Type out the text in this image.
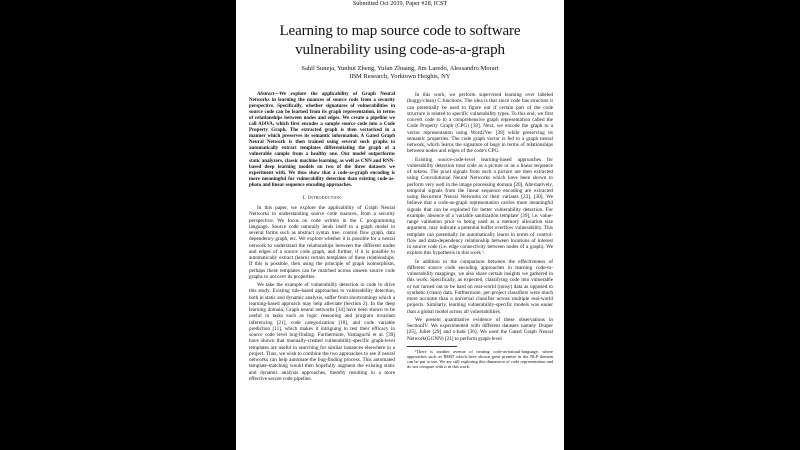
Submitted Oct 2019, Paper #28, ICST
Learning to map source code to software
vulnerability using code-as-a-graph
Sahil Suneja, Yunhui Zheng, Yufan Zhuang, Jim Laredo, Alessandro Morari
IBM Research, Yorktown Heights, NY

Abstract—We explore the applicability of Graph Neural Networks in learning the nuances of source code from a security perspective. Specifically, whether signatures of vulnerabilities in source code can be learned from its graph representation, in terms of relationships between nodes and edges. We create a pipeline we call AI4VA, which first encodes a sample source code into a Code Property Graph. The extracted graph is then vectorized in a manner which preserves its semantic information. A Gated Graph Neural Network is then trained using several such graphs to automatically extract templates differentiating the graph of a vulnerable sample from a healthy one. Our model outperforms static analyzers, classic machine learning, as well as CNN and RNN-based deep learning models on two of the three datasets we experiment with. We thus show that a code-as-graph encoding is more meaningful for vulnerability detection than existing code-as-photo and linear sequence encoding approaches.

I. Introduction

In this paper, we explore the applicability of Graph Neural Networks in understanding source code nuances, from a security perspective. We focus on code written in the C programming language. Source code naturally lends itself to a graph model in several forms such as abstract syntax tree, control flow graph, data dependency graph, etc. We explore whether it is possible for a neural network to understand the relationships between the different nodes and edges of a source code graph, and further, if it is possible to automatically extract (learn) certain templates of these relationships. If this is possible, then using the principle of graph isomorphism, perhaps these templates can be matched across unseen source code graphs to uncover its properties.

We take the example of vulnerability detection in code to drive this study. Existing rule-based approaches to vulnerability detection, both in static and dynamic analysis, suffer from shortcomings which a learning-based approach may help alleviate (Section 2). In the deep learning domain, Graph neural networks [34] have been shown to be useful in tasks such as logic reasoning and program invariant inferencing [21], code categorization [18], and code variable prediction [11], which makes it intriguing to test their efficacy in source code level bug-finding. Furthermore, Yamaguchi et al. [39] have shown that manually-created vulnerability-specific graph-level templates are useful in searching for similar instances elsewhere in a project. Thus, we wish to combine the two approaches to see if neural networks can help automate the bug-finding process. This automated template-matching would then hopefully augment the existing static and dynamic analysis approaches, thereby resulting in a more effective secure code pipeline.

In this work, we perform supervised learning over labeled (buggy/clean) C functions. The idea is that since code has structure it can potentially be used to figure out if certain part of the code structure is related to specific vulnerability types. To this end, we first convert code to to a comprehensive graph representation called the Code Property Graph (CPG) [39]. Next, we encode the graph to a vector representation using Word2Vec [28] while preserving its semantic properties. The code graph vector is fed to a graph neural network, which learns the signature of bugs in terms of relationships between nodes and edges of the code's CPG.

Existing source-code-level learning-based approaches for vulnerability detection treat code as a picture or as a linear sequence of tokens. The pixel signals from such a picture are then extracted using Convolutional Neural Networks which have been shown to perform very well in the image processing domain [20]. Alternatively, temporal signals from the linear sequence encoding are extracted using Recurrent Neural Networks or their variants [23], [30]. We believe that a code-as-graph representation carries more meaningful signals that can be exploited for better vulnerability detection. For example, absence of a 'variable sanitization template' [39], i.e. value-range validation prior to being used as a memory allocation size argument, may indicate a potential buffer overflow vulnerability. This template can potentially be automatically learnt in terms of control-flow and data-dependency relationship between locations of interest in source code (i.e. edge connectivity between nodes of a graph). We explore this hypothesis in this work ¹.

In addition to the comparison between the effectiveness of different source code encoding approaches in learning code-to-vulnerability mappings, we also share certain insights we gathered in this work. Specifically, as expected, classifying code into vulnerable or not turned out to be hard on real-world (noisy) data as opposed to synthetic (clean) data. Furthermore, per-project classifiers were much more accurate than a universal classifier across multiple real-world projects. Similarly, learning vulnerability-specific models was easier than a global model across all vulnerabilities.

We present quantitative evidence of these observations in SectionIV. We experimented with different datasets namely Draper [25], Juliet [29] and s-babi [36]. We used the Gated Graph Neural Network(GGNN) [21] to perform graph-level

¹There is another avenue of treating code-as-natural-language, where approaches such as BERT which have shown great promise in the NLP domain can be put to use. We are still exploring this dimension of code representation and do not compare with it in this work.
